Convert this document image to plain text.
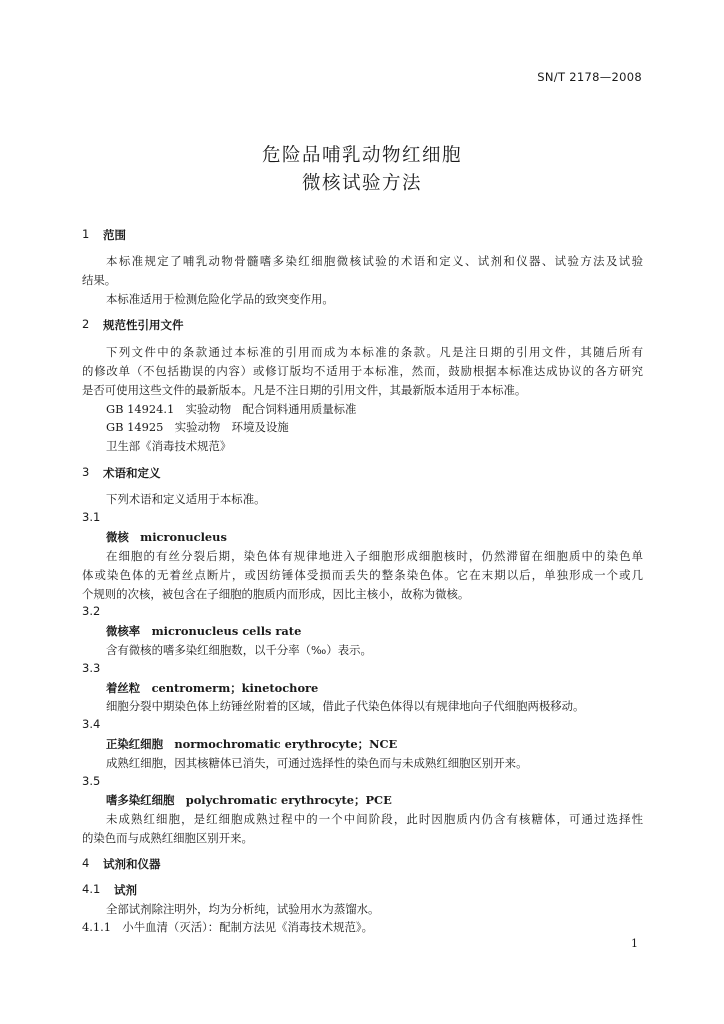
SN/T 2178—2008
危险品哺乳动物红细胞
微核试验方法
1 范围
本标准规定了哺乳动物骨髓嗜多染红细胞微核试验的术语和定义、试剂和仪器、试验方法及试验
结果。
本标准适用于检测危险化学品的致突变作用。
2 规范性引用文件
下列文件中的条款通过本标准的引用而成为本标准的条款。凡是注日期的引用文件，其随后所有
的修改单（不包括勘误的内容）或修订版均不适用于本标准，然而，鼓励根据本标准达成协议的各方研究
是否可使用这些文件的最新版本。凡是不注日期的引用文件，其最新版本适用于本标准。
GB 14924.1　实验动物　配合饲料通用质量标准
GB 14925　实验动物　环境及设施
卫生部《消毒技术规范》
3 术语和定义
下列术语和定义适用于本标准。
3.1
微核　micronucleus
在细胞的有丝分裂后期，染色体有规律地进入子细胞形成细胞核时，仍然滞留在细胞质中的染色单
体或染色体的无着丝点断片，或因纺锤体受损而丢失的整条染色体。它在末期以后，单独形成一个或几
个规则的次核，被包含在子细胞的胞质内而形成，因比主核小，故称为微核。
3.2
微核率　micronucleus cells rate
含有微核的嗜多染红细胞数，以千分率（‰）表示。
3.3
着丝粒　centromerm；kinetochore
细胞分裂中期染色体上纺锤丝附着的区域，借此子代染色体得以有规律地向子代细胞两极移动。
3.4
正染红细胞　normochromatic erythrocyte；NCE
成熟红细胞，因其核糖体已消失，可通过选择性的染色而与未成熟红细胞区别开来。
3.5
嗜多染红细胞　polychromatic erythrocyte；PCE
未成熟红细胞，是红细胞成熟过程中的一个中间阶段，此时因胞质内仍含有核糖体，可通过选择性
的染色而与成熟红细胞区别开来。
4 试剂和仪器
4.1 试剂
全部试剂除注明外，均为分析纯，试验用水为蒸馏水。
4.1.1　小牛血清（灭活）：配制方法见《消毒技术规范》。
1
